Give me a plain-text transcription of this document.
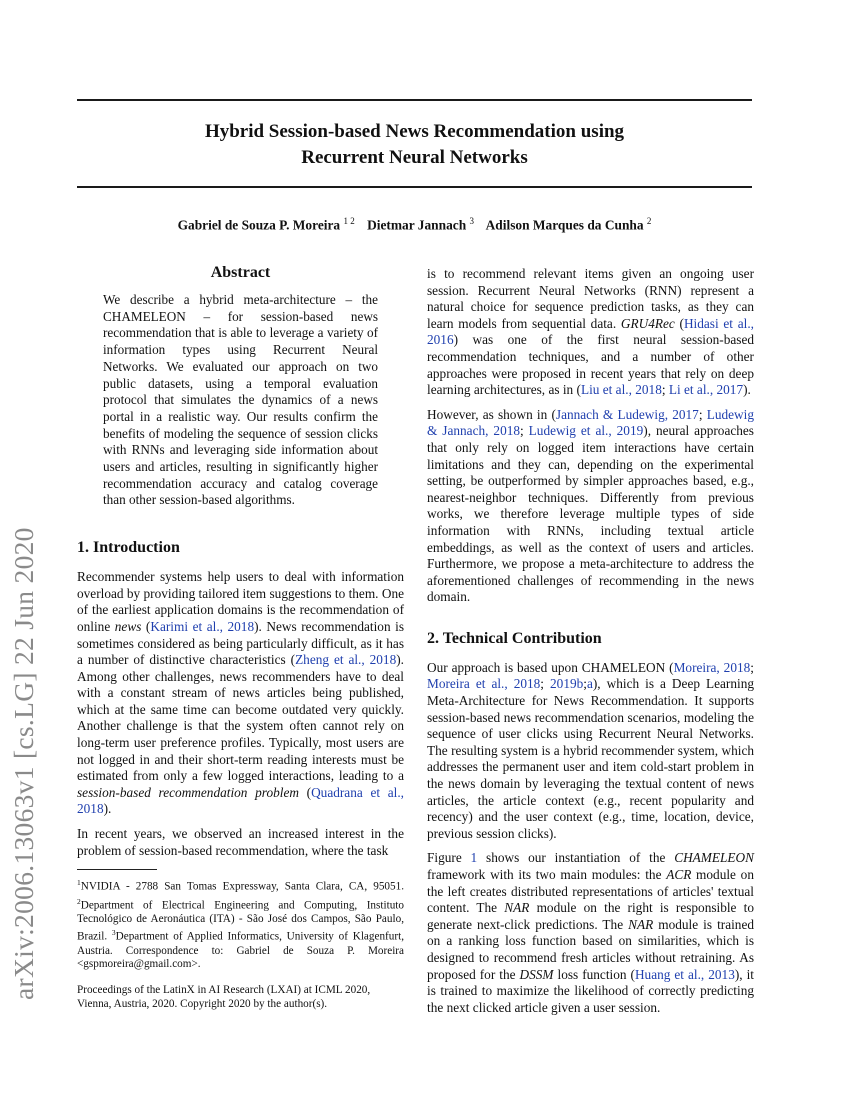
arXiv:2006.13063v1 [cs.LG] 22 Jun 2020
Hybrid Session-based News Recommendation using
Recurrent Neural Networks
Gabriel de Souza P. Moreira $^{1 2}$ Dietmar Jannach $^3$ Adilson Marques da Cunha $^2$
Abstract

We describe a hybrid meta-architecture – the CHAMELEON – for session-based news recommendation that is able to leverage a variety of information types using Recurrent Neural Networks. We evaluated our approach on two public datasets, using a temporal evaluation protocol that simulates the dynamics of a news portal in a realistic way. Our results confirm the benefits of modeling the sequence of session clicks with RNNs and leveraging side information about users and articles, resulting in significantly higher recommendation accuracy and catalog coverage than other session-based algorithms.

1. Introduction

Recommender systems help users to deal with information overload by providing tailored item suggestions to them. One of the earliest application domains is the recommendation of online news (Karimi et al., 2018). News recommendation is sometimes considered as being particularly difficult, as it has a number of distinctive characteristics (Zheng et al., 2018). Among other challenges, news recommenders have to deal with a constant stream of news articles being published, which at the same time can become outdated very quickly. Another challenge is that the system often cannot rely on long-term user preference profiles. Typically, most users are not logged in and their short-term reading interests must be estimated from only a few logged interactions, leading to a session-based recommendation problem (Quadrana et al., 2018).

In recent years, we observed an increased interest in the problem of session-based recommendation, where the task

$^1$NVIDIA - 2788 San Tomas Expressway, Santa Clara, CA, 95051. $^2$Department of Electrical Engineering and Computing, Instituto Tecnológico de Aeronáutica (ITA) - São José dos Campos, São Paulo, Brazil. $^3$Department of Applied Informatics, University of Klagenfurt, Austria. Correspondence to: Gabriel de Souza P. Moreira <gspmoreira@gmail.com>.

Proceedings of the LatinX in AI Research (LXAI) at ICML 2020, Vienna, Austria, 2020. Copyright 2020 by the author(s).

is to recommend relevant items given an ongoing user session. Recurrent Neural Networks (RNN) represent a natural choice for sequence prediction tasks, as they can learn models from sequential data. GRU4Rec (Hidasi et al., 2016) was one of the first neural session-based recommendation techniques, and a number of other approaches were proposed in recent years that rely on deep learning architectures, as in (Liu et al., 2018; Li et al., 2017).

However, as shown in (Jannach & Ludewig, 2017; Ludewig & Jannach, 2018; Ludewig et al., 2019), neural approaches that only rely on logged item interactions have certain limitations and they can, depending on the experimental setting, be outperformed by simpler approaches based, e.g., nearest-neighbor techniques. Differently from previous works, we therefore leverage multiple types of side information with RNNs, including textual article embeddings, as well as the context of users and articles. Furthermore, we propose a meta-architecture to address the aforementioned challenges of recommending in the news domain.

2. Technical Contribution

Our approach is based upon CHAMELEON (Moreira, 2018; Moreira et al., 2018; 2019b;a), which is a Deep Learning Meta-Architecture for News Recommendation. It supports session-based news recommendation scenarios, modeling the sequence of user clicks using Recurrent Neural Networks. The resulting system is a hybrid recommender system, which addresses the permanent user and item cold-start problem in the news domain by leveraging the textual content of news articles, the article context (e.g., recent popularity and recency) and the user context (e.g., time, location, device, previous session clicks).

Figure 1 shows our instantiation of the CHAMELEON framework with its two main modules: the ACR module on the left creates distributed representations of articles' textual content. The NAR module on the right is responsible to generate next-click predictions. The NAR module is trained on a ranking loss function based on similarities, which is designed to recommend fresh articles without retraining. As proposed for the DSSM loss function (Huang et al., 2013), it is trained to maximize the likelihood of correctly predicting the next clicked article given a user session.
